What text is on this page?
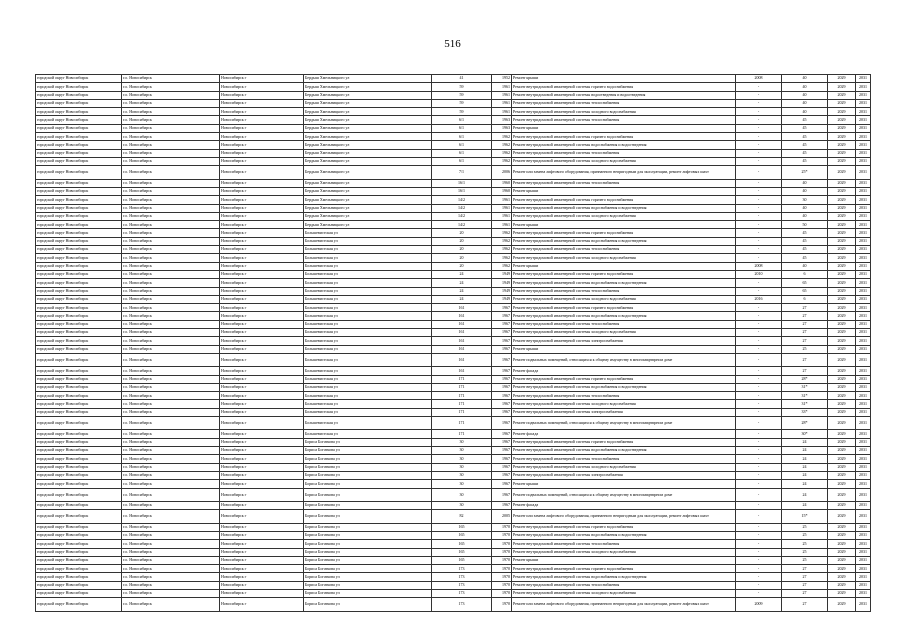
516
городской округ Новосибирск	г.о. Новосибирск	Новосибирск г	Бердыш Хмельницкого ул	41	1952	Ремонт крыши	2008	40	2029	2031
городской округ Новосибирск	г.о. Новосибирск	Новосибирск г	Бердыш Хмельницкого ул	59	1961	Ремонт внутридомовой инженерной системы горячего водоснабжения	-	40	2029	2031
городской округ Новосибирск	г.о. Новосибирск	Новосибирск г	Бердыш Хмельницкого ул	59	1961	Ремонт внутридомовой инженерной системы водоотведения и водоотведения	-	40	2029	2031
городской округ Новосибирск	г.о. Новосибирск	Новосибирск г	Бердыш Хмельницкого ул	59	1961	Ремонт внутридомовой инженерной системы теплоснабжения	-	40	2029	2031
городской округ Новосибирск	г.о. Новосибирск	Новосибирск г	Бердыш Хмельницкого ул	59	1961	Ремонт внутридомовой инженерной системы холодного водоснабжения	-	40	2029	2031
городской округ Новосибирск	г.о. Новосибирск	Новосибирск г	Бердыш Хмельницкого ул	6/1	1963	Ремонт внутридомовой инженерной системы теплоснабжения	-	45	2029	2031
городской округ Новосибирск	г.о. Новосибирск	Новосибирск г	Бердыш Хмельницкого ул	6/1	1963	Ремонт крыши	-	45	2029	2031
городской округ Новосибирск	г.о. Новосибирск	Новосибирск г	Бердыш Хмельницкого ул	6/1	1962	Ремонт внутридомовой инженерной системы горячего водоснабжения	-	45	2029	2031
городской округ Новосибирск	г.о. Новосибирск	Новосибирск г	Бердыш Хмельницкого ул	6/1	1962	Ремонт внутридомовой инженерной системы водоснабжения и водоотведения	-	45	2029	2031
городской округ Новосибирск	г.о. Новосибирск	Новосибирск г	Бердыш Хмельницкого ул	6/1	1962	Ремонт внутридомовой инженерной системы теплоснабжения	-	45	2029	2031
городской округ Новосибирск	г.о. Новосибирск	Новосибирск г	Бердыш Хмельницкого ул	6/1	1962	Ремонт внутридомовой инженерной системы холодного водоснабжения	-	45	2029	2031
городской округ Новосибирск	г.о. Новосибирск	Новосибирск г	Бердыш Хмельницкого ул	7/1	2006	Ремонт или замена лифтового оборудования, признанного непригодным для эксплуатации, ремонт лифтовых шахт	-	25*	2029	2031
городской округ Новосибирск	г.о. Новосибирск	Новосибирск г	Бердыш Хмельницкого ул	16/1	1960	Ремонт внутридомовой инженерной системы теплоснабжения	-	40	2029	2031
городской округ Новосибирск	г.о. Новосибирск	Новосибирск г	Бердыш Хмельницкого ул	16/1	1960	Ремонт крыши	-	40	2029	2031
городской округ Новосибирск	г.о. Новосибирск	Новосибирск г	Бердыш Хмельницкого ул	14/2	1961	Ремонт внутридомовой инженерной системы горячего водоснабжения	-	30	2029	2031
городской округ Новосибирск	г.о. Новосибирск	Новосибирск г	Бердыш Хмельницкого ул	14/2	1961	Ремонт внутридомовой инженерной системы водоснабжения и водоотведения	-	40	2029	2031
городской округ Новосибирск	г.о. Новосибирск	Новосибирск г	Бердыш Хмельницкого ул	14/2	1961	Ремонт внутридомовой инженерной системы холодного водоснабжения	-	40	2029	2031
городской округ Новосибирск	г.о. Новосибирск	Новосибирск г	Бердыш Хмельницкого ул	14/2	1961	Ремонт крыши	-	50	2029	2031
городской округ Новосибирск	г.о. Новосибирск	Новосибирск г	Большевистская ул	20	1962	Ремонт внутридомовой инженерной системы горячего водоснабжения	-	45	2029	2031
городской округ Новосибирск	г.о. Новосибирск	Новосибирск г	Большевистская ул	20	1962	Ремонт внутридомовой инженерной системы водоснабжения и водоотведения	-	45	2029	2031
городской округ Новосибирск	г.о. Новосибирск	Новосибирск г	Большевистская ул	20	1962	Ремонт внутридомовой инженерной системы теплоснабжения	-	45	2029	2031
городской округ Новосибирск	г.о. Новосибирск	Новосибирск г	Большевистская ул	20	1962	Ремонт внутридомовой инженерной системы холодного водоснабжения	-	45	2029	2031
городской округ Новосибирск	г.о. Новосибирск	Новосибирск г	Большевистская ул	20	1962	Ремонт крыши	2008	40	2029	2031
городской округ Новосибирск	г.о. Новосибирск	Новосибирск г	Большевистская ул	24	1949	Ремонт внутридомовой инженерной системы горячего водоснабжения	2010	6	2029	2031
городской округ Новосибирск	г.о. Новосибирск	Новосибирск г	Большевистская ул	24	1949	Ремонт внутридомовой инженерной системы водоснабжения и водоотведения	-	65	2029	2031
городской округ Новосибирск	г.о. Новосибирск	Новосибирск г	Большевистская ул	24	1949	Ремонт внутридомовой инженерной системы теплоснабжения	-	65	2029	2031
городской округ Новосибирск	г.о. Новосибирск	Новосибирск г	Большевистская ул	24	1949	Ремонт внутридомовой инженерной системы холодного водоснабжения	2016	6	2029	2031
городской округ Новосибирск	г.о. Новосибирск	Новосибирск г	Большевистская ул	161	1967	Ремонт внутридомовой инженерной системы горячего водоснабжения	-	27	2029	2031
городской округ Новосибирск	г.о. Новосибирск	Новосибирск г	Большевистская ул	161	1967	Ремонт внутридомовой инженерной системы водоснабжения и водоотведения	-	27	2029	2031
городской округ Новосибирск	г.о. Новосибирск	Новосибирск г	Большевистская ул	161	1967	Ремонт внутридомовой инженерной системы теплоснабжения	-	27	2029	2031
городской округ Новосибирск	г.о. Новосибирск	Новосибирск г	Большевистская ул	161	1967	Ремонт внутридомовой инженерной системы холодного водоснабжения	-	27	2029	2031
городской округ Новосибирск	г.о. Новосибирск	Новосибирск г	Большевистская ул	161	1967	Ремонт внутридомовой инженерной системы электроснабжения	-	27	2029	2031
городской округ Новосибирск	г.о. Новосибирск	Новосибирск г	Большевистская ул	161	1967	Ремонт крыши	-	25	2029	2031
городской округ Новосибирск	г.о. Новосибирск	Новосибирск г	Большевистская ул	161	1967	Ремонт подвальных помещений, относящихся к общему имуществу в многоквартирном доме	-	27	2029	2031
городской округ Новосибирск	г.о. Новосибирск	Новосибирск г	Большевистская ул	161	1967	Ремонт фасада	-	27	2029	2031
городской округ Новосибирск	г.о. Новосибирск	Новосибирск г	Большевистская ул	171	1967	Ремонт внутридомовой инженерной системы горячего водоснабжения	-	28*	2029	2031
городской округ Новосибирск	г.о. Новосибирск	Новосибирск г	Большевистская ул	171	1967	Ремонт внутридомовой инженерной системы водоснабжения и водоотведения	-	31*	2029	2031
городской округ Новосибирск	г.о. Новосибирск	Новосибирск г	Большевистская ул	171	1967	Ремонт внутридомовой инженерной системы теплоснабжения	-	31*	2029	2031
городской округ Новосибирск	г.о. Новосибирск	Новосибирск г	Большевистская ул	171	1967	Ремонт внутридомовой инженерной системы холодного водоснабжения	-	31*	2029	2031
городской округ Новосибирск	г.о. Новосибирск	Новосибирск г	Большевистская ул	171	1967	Ремонт внутридомовой инженерной системы электроснабжения	-	33*	2029	2031
городской округ Новосибирск	г.о. Новосибирск	Новосибирск г	Большевистская ул	171	1967	Ремонт подвальных помещений, относящихся к общему имуществу в многоквартирном доме	-	28*	2029	2031
городской округ Новосибирск	г.о. Новосибирск	Новосибирск г	Большевистская ул	171	1967	Ремонт фасада	-	30*	2029	2031
городской округ Новосибирск	г.о. Новосибирск	Новосибирск г	Бориса Богаткова ул	30	1967	Ремонт внутридомовой инженерной системы горячего водоснабжения	-	24	2029	2031
городской округ Новосибирск	г.о. Новосибирск	Новосибирск г	Бориса Богаткова ул	30	1967	Ремонт внутридомовой инженерной системы водоснабжения и водоотведения	-	24	2029	2031
городской округ Новосибирск	г.о. Новосибирск	Новосибирск г	Бориса Богаткова ул	30	1967	Ремонт внутридомовой инженерной системы теплоснабжения	-	24	2029	2031
городской округ Новосибирск	г.о. Новосибирск	Новосибирск г	Бориса Богаткова ул	30	1967	Ремонт внутридомовой инженерной системы холодного водоснабжения	-	24	2029	2031
городской округ Новосибирск	г.о. Новосибирск	Новосибирск г	Бориса Богаткова ул	30	1967	Ремонт внутридомовой инженерной системы электроснабжения	-	24	2029	2031
городской округ Новосибирск	г.о. Новосибирск	Новосибирск г	Бориса Богаткова ул	30	1967	Ремонт крыши	-	24	2029	2031
городской округ Новосибирск	г.о. Новосибирск	Новосибирск г	Бориса Богаткова ул	30	1967	Ремонт подвальных помещений, относящихся к общему имуществу в многоквартирном доме	-	24	2029	2031
городской округ Новосибирск	г.о. Новосибирск	Новосибирск г	Бориса Богаткова ул	30	1967	Ремонт фасада	-	24	2029	2031
городской округ Новосибирск	г.о. Новосибирск	Новосибирск г	Бориса Богаткова ул	82	2005	Ремонт или замена лифтового оборудования, признанного непригодным для эксплуатации, ремонт лифтовых шахт	-	15*	2029	2031
городской округ Новосибирск	г.о. Новосибирск	Новосибирск г	Бориса Богаткова ул	165	1970	Ремонт внутридомовой инженерной системы горячего водоснабжения	-	25	2029	2031
городской округ Новосибирск	г.о. Новосибирск	Новосибирск г	Бориса Богаткова ул	165	1970	Ремонт внутридомовой инженерной системы водоснабжения и водоотведения	-	25	2029	2031
городской округ Новосибирск	г.о. Новосибирск	Новосибирск г	Бориса Богаткова ул	165	1970	Ремонт внутридомовой инженерной системы теплоснабжения	-	25	2029	2031
городской округ Новосибирск	г.о. Новосибирск	Новосибирск г	Бориса Богаткова ул	165	1970	Ремонт внутридомовой инженерной системы холодного водоснабжения	-	25	2029	2031
городской округ Новосибирск	г.о. Новосибирск	Новосибирск г	Бориса Богаткова ул	165	1970	Ремонт крыши	-	25	2029	2031
городской округ Новосибирск	г.о. Новосибирск	Новосибирск г	Бориса Богаткова ул	173	1970	Ремонт внутридомовой инженерной системы горячего водоснабжения	-	27	2029	2031
городской округ Новосибирск	г.о. Новосибирск	Новосибирск г	Бориса Богаткова ул	173	1970	Ремонт внутридомовой инженерной системы водоснабжения и водоотведения	-	27	2029	2031
городской округ Новосибирск	г.о. Новосибирск	Новосибирск г	Бориса Богаткова ул	173	1970	Ремонт внутридомовой инженерной системы теплоснабжения	-	27	2029	2031
городской округ Новосибирск	г.о. Новосибирск	Новосибирск г	Бориса Богаткова ул	173	1970	Ремонт внутридомовой инженерной системы холодного водоснабжения	-	27	2029	2031
городской округ Новосибирск	г.о. Новосибирск	Новосибирск г	Бориса Богаткова ул	173	1970	Ремонт или замена лифтового оборудования, признанного непригодным для эксплуатации, ремонт лифтовых шахт	2009	27	2029	2031
